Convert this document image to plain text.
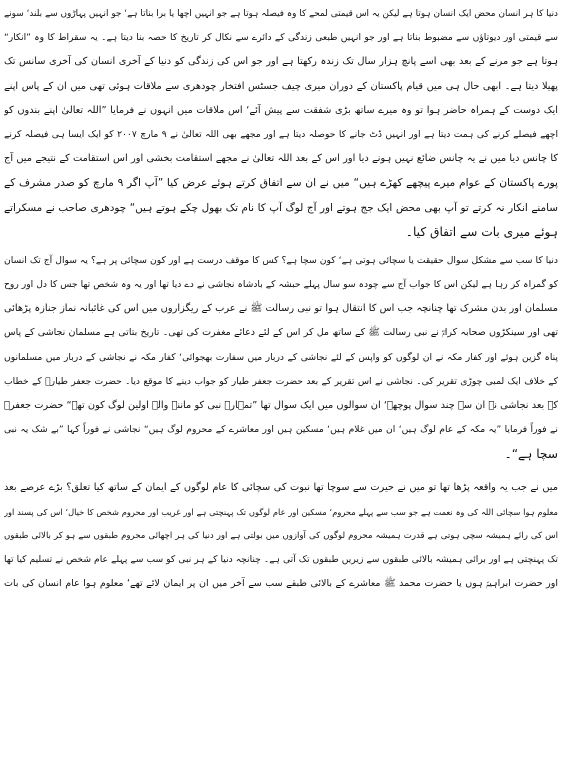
دنیا کا ہر انسان محض ایک انسان ہوتا ہے لیکن یہ اس قیمتی لمحے کا وہ فیصلہ ہوتا ہے جو انہیں اچھا یا برا بناتا ہے‘ جو انہیں پہاڑوں سے بلند‘ سونے
سے قیمتی اور دیوتاؤں سے مضبوط بناتا ہے اور جو انہیں طبعی زندگی کے دائرے سے نکال کر تاریخ کا حصہ بنا دیتا ہے۔ یہ سقراط کا وہ ”انکار“
ہوتا ہے جو مرنے کے بعد بھی اسے پانچ ہزار سال تک زندہ رکھتا ہے اور جو اس کی زندگی کو دنیا کے آخری انسان کی آخری سانس تک
پھیلا دیتا ہے۔ ابھی حال ہی میں قیام پاکستان کے دوران میری چیف جسٹس افتخار چودھری سے ملاقات ہوئی تھی میں ان کے پاس اپنے
ایک دوست کے ہمراہ حاضر ہوا تو وہ میرے ساتھ بڑی شفقت سے پیش آئے‘ اس ملاقات میں انہوں نے فرمایا ”اللہ تعالیٰ اپنے بندوں کو
اچھے فیصلے کرنے کی ہمت دیتا ہے اور انہیں ڈٹ جانے کا حوصلہ دیتا ہے اور مجھے بھی اللہ تعالیٰ نے ۹ مارچ ۲۰۰۷ کو ایک ایسا ہی فیصلہ کرنے
کا چانس دیا میں نے یہ چانس ضائع نہیں ہونے دیا اور اس کے بعد اللہ تعالیٰ نے مجھے استقامت بخشی اور اس استقامت کے نتیجے میں آج
پورے پاکستان کے عوام میرے پیچھے کھڑے ہیں“ میں نے ان سے اتفاق کرتے ہوئے عرض کیا ”آپ اگر ۹ مارچ کو صدر مشرف کے
سامنے انکار نہ کرتے تو آپ بھی محض ایک جج ہوتے اور آج لوگ آپ کا نام تک بھول چکے ہوتے ہیں“ چودھری صاحب نے مسکراتے
ہوئے میری بات سے اتفاق کیا۔
دنیا کا سب سے مشکل سوال حقیقت یا سچائی ہوتی ہے‘ کون سچا ہے؟ کس کا موقف درست ہے اور کون سچائی پر ہے؟ یہ سوال آج تک انسان
کو گمراہ کر رہا ہے لیکن اس کا جواب آج سے چودہ سو سال پہلے حبشہ کے بادشاہ نجاشی نے دے دیا تھا اور یہ وہ شخص تھا جس کا دل اور روح
مسلمان اور بدن مشرک تھا چنانچہ جب اس کا انتقال ہوا تو نبی رسالت ﷺ نے عرب کے ریگزاروں میں اس کی غائبانہ نماز جنازہ پڑھائی
تھی اور سینکڑوں صحابہ کرامؓ نے نبی رسالت ﷺ کے ساتھ مل کر اس کے لئے دعائے مغفرت کی تھی۔ تاریخ بتاتی ہے مسلمان نجاشی کے پاس
پناہ گزین ہوئے اور کفار مکہ نے ان لوگوں کو واپس کے لئے نجاشی کے دربار میں سفارت بھجوائی‘ کفار مکہ نے نجاشی کے دربار میں مسلمانوں
کے خلاف ایک لمبی چوڑی تقریر کی۔ نجاشی نے اس تقریر کے بعد حضرت جعفر طیار کو جواب دینے کا موقع دیا۔ حضرت جعفر طیارؓ کے خطاب
کے بعد نجاشی نے ان سے چند سوال پوچھے‘ ان سوالوں میں ایک سوال تھا ”تمہارے نبی کو ماننے والے اولین لوگ کون تھے“ حضرت جعفرؓ
نے فوراً فرمایا ”یہ مکہ کے عام لوگ ہیں‘ ان میں غلام ہیں‘ مسکین ہیں اور معاشرے کے محروم لوگ ہیں“ نجاشی نے فوراً کہا ”بے شک یہ نبی
سچا ہے“۔
میں نے جب یہ واقعہ پڑھا تھا تو میں نے حیرت سے سوچا تھا نبوت کی سچائی کا عام لوگوں کے ایمان کے ساتھ کیا تعلق؟ بڑے عرصے بعد
معلوم ہوا سچائی اللہ کی وہ نعمت ہے جو سب سے پہلے محروم‘ مسکین اور عام لوگوں تک پہنچتی ہے اور غریب اور محروم شخص کا خیال‘ اس کی پسند اور
اس کی رائے ہمیشہ سچی ہوتی ہے قدرت ہمیشہ محروم لوگوں کی آوازوں میں بولتی ہے اور دنیا کی ہر اچھائی محروم طبقوں سے ہو کر بالائی طبقوں
تک پہنچتی ہے اور برائی ہمیشہ بالائی طبقوں سے زیریں طبقوں تک آتی ہے۔ چنانچہ دنیا کے ہر نبی کو سب سے پہلے عام شخص نے تسلیم کیا تھا
اور حضرت ابراہیمؑ ہوں یا حضرت محمد ﷺ معاشرے کے بالائی طبقے سب سے آخر میں ان پر ایمان لائے تھے‘ معلوم ہوا عام انسان کی بات
